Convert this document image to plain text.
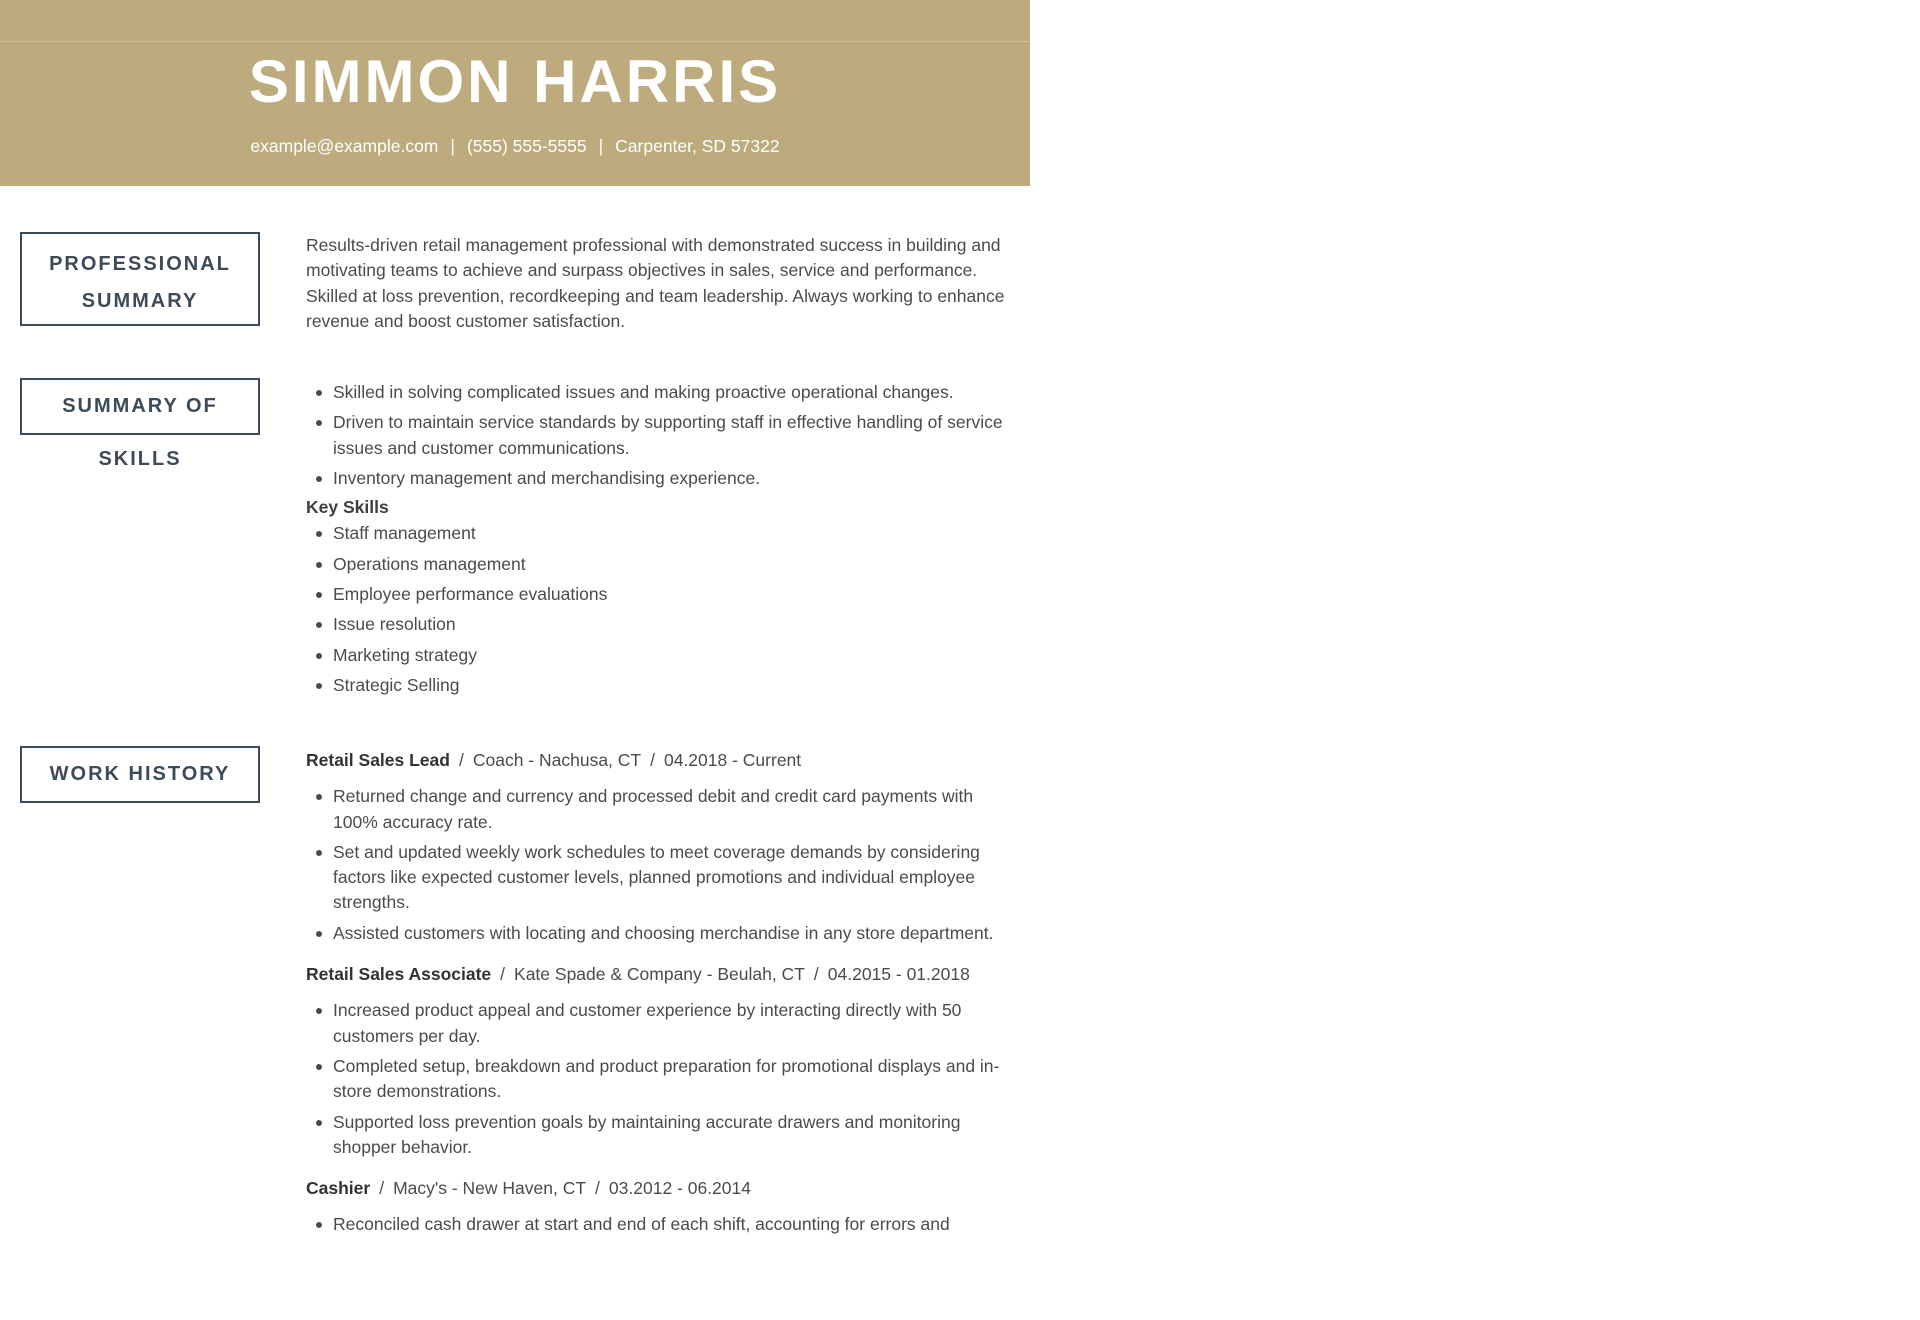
SIMMON HARRIS
example@example.com | (555) 555-5555 | Carpenter, SD 57322
PROFESSIONAL
SUMMARY
Results-driven retail management professional with demonstrated success in building and motivating teams to achieve and surpass objectives in sales, service and performance. Skilled at loss prevention, recordkeeping and team leadership. Always working to enhance revenue and boost customer satisfaction.
SUMMARY OF SKILLS
Skilled in solving complicated issues and making proactive operational changes.
Driven to maintain service standards by supporting staff in effective handling of service issues and customer communications.
Inventory management and merchandising experience.
Key Skills
Staff management
Operations management
Employee performance evaluations
Issue resolution
Marketing strategy
Strategic Selling
WORK HISTORY
Retail Sales Lead / Coach - Nachusa, CT / 04.2018 - Current
Returned change and currency and processed debit and credit card payments with 100% accuracy rate.
Set and updated weekly work schedules to meet coverage demands by considering factors like expected customer levels, planned promotions and individual employee strengths.
Assisted customers with locating and choosing merchandise in any store department.
Retail Sales Associate / Kate Spade & Company - Beulah, CT / 04.2015 - 01.2018
Increased product appeal and customer experience by interacting directly with 50 customers per day.
Completed setup, breakdown and product preparation for promotional displays and in-store demonstrations.
Supported loss prevention goals by maintaining accurate drawers and monitoring shopper behavior.
Cashier / Macy's - New Haven, CT / 03.2012 - 06.2014
Reconciled cash drawer at start and end of each shift, accounting for errors and
